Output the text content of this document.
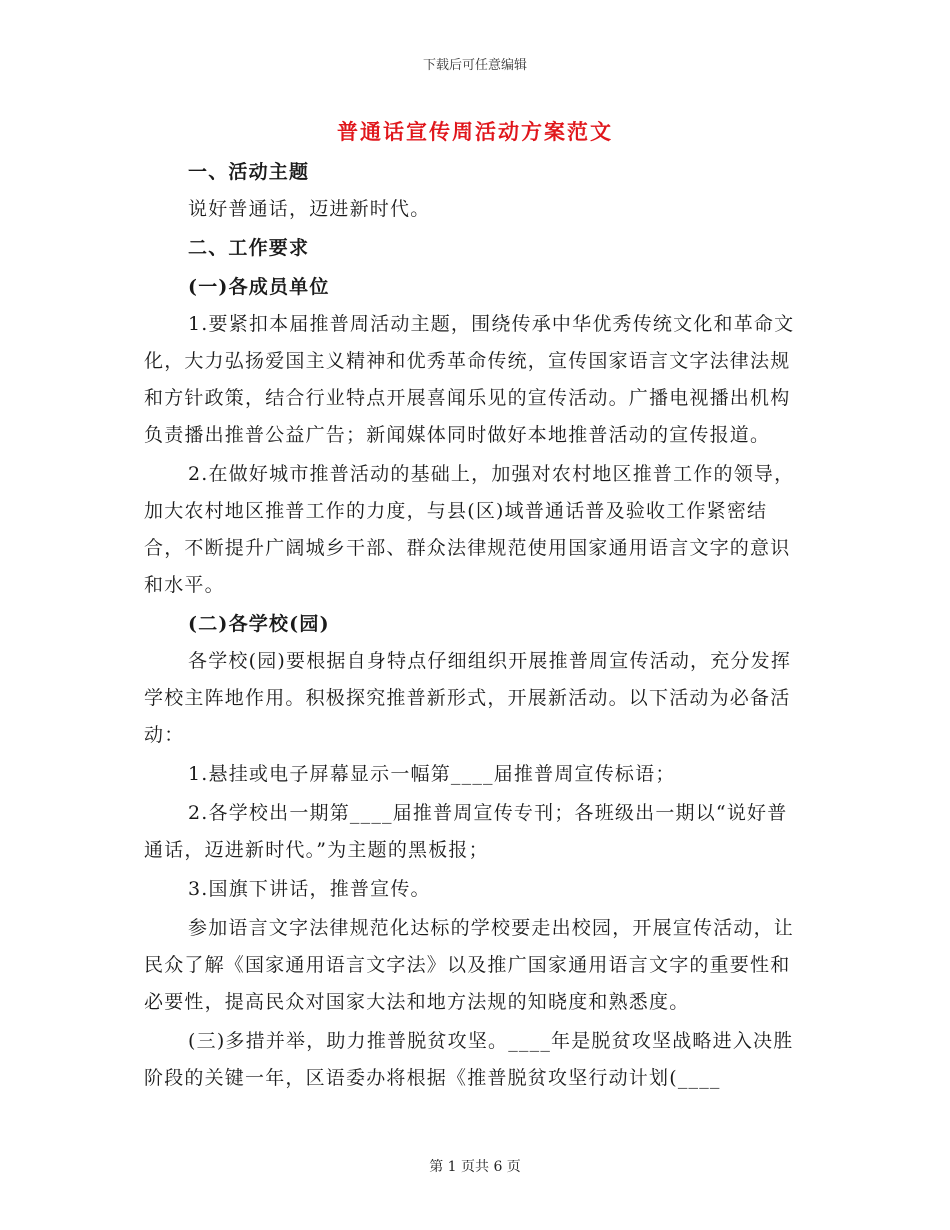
下载后可任意编辑
普通话宣传周活动方案范文

一、活动主题

说好普通话，迈进新时代。

二、工作要求

(一)各成员单位

1.要紧扣本届推普周活动主题，围绕传承中华优秀传统文化和革命文化，大力弘扬爱国主义精神和优秀革命传统，宣传国家语言文字法律法规和方针政策，结合行业特点开展喜闻乐见的宣传活动。广播电视播出机构负责播出推普公益广告；新闻媒体同时做好本地推普活动的宣传报道。

2.在做好城市推普活动的基础上，加强对农村地区推普工作的领导，加大农村地区推普工作的力度，与县(区)域普通话普及验收工作紧密结合，不断提升广阔城乡干部、群众法律规范使用国家通用语言文字的意识和水平。

(二)各学校(园)

各学校(园)要根据自身特点仔细组织开展推普周宣传活动，充分发挥学校主阵地作用。积极探究推普新形式，开展新活动。以下活动为必备活动：

1.悬挂或电子屏幕显示一幅第____届推普周宣传标语；

2.各学校出一期第____届推普周宣传专刊；各班级出一期以“说好普通话，迈进新时代。”为主题的黑板报；

3.国旗下讲话，推普宣传。

参加语言文字法律规范化达标的学校要走出校园，开展宣传活动，让民众了解《国家通用语言文字法》以及推广国家通用语言文字的重要性和必要性，提高民众对国家大法和地方法规的知晓度和熟悉度。

(三)多措并举，助力推普脱贫攻坚。____年是脱贫攻坚战略进入决胜阶段的关键一年，区语委办将根据《推普脱贫攻坚行动计划(____

第 1 页共 6 页
